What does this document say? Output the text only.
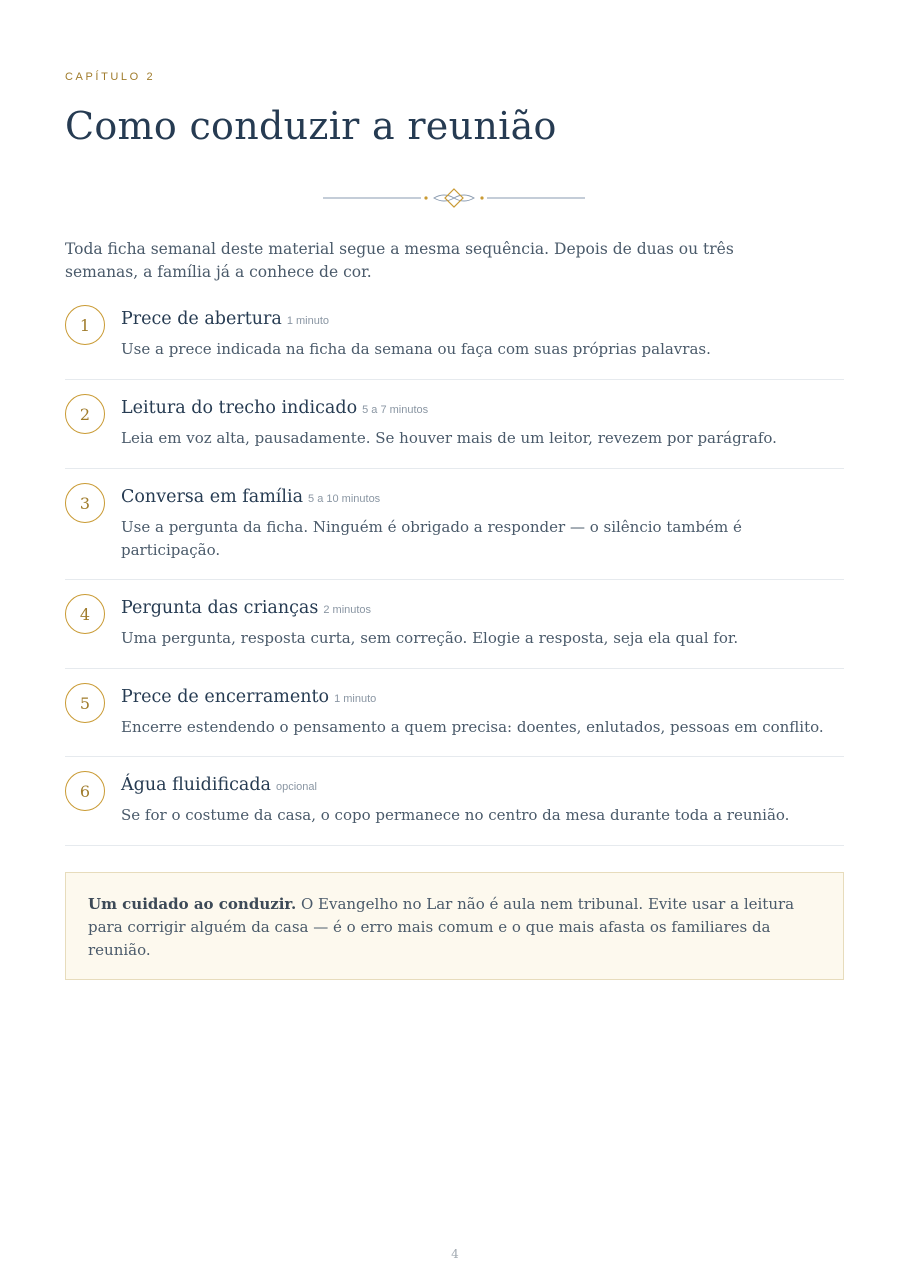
CAPÍTULO 2
Como conduzir a reunião

Toda ficha semanal deste material segue a mesma sequência. Depois de duas ou três semanas, a família já a conhece de cor.

1	Prece de abertura 1 minuto

Use a prece indicada na ficha da semana ou faça com suas próprias palavras.

2	Leitura do trecho indicado 5 a 7 minutos

Leia em voz alta, pausadamente. Se houver mais de um leitor, revezem por parágrafo.

3	Conversa em família 5 a 10 minutos

Use a pergunta da ficha. Ninguém é obrigado a responder — o silêncio também é participação.

4	Pergunta das crianças 2 minutos

Uma pergunta, resposta curta, sem correção. Elogie a resposta, seja ela qual for.

5	Prece de encerramento 1 minuto

Encerre estendendo o pensamento a quem precisa: doentes, enlutados, pessoas em conflito.

6	Água fluidificada opcional

Se for o costume da casa, o copo permanece no centro da mesa durante toda a reunião.

Um cuidado ao conduzir. O Evangelho no Lar não é aula nem tribunal. Evite usar a leitura para corrigir alguém da casa — é o erro mais comum e o que mais afasta os familiares da reunião.

4
